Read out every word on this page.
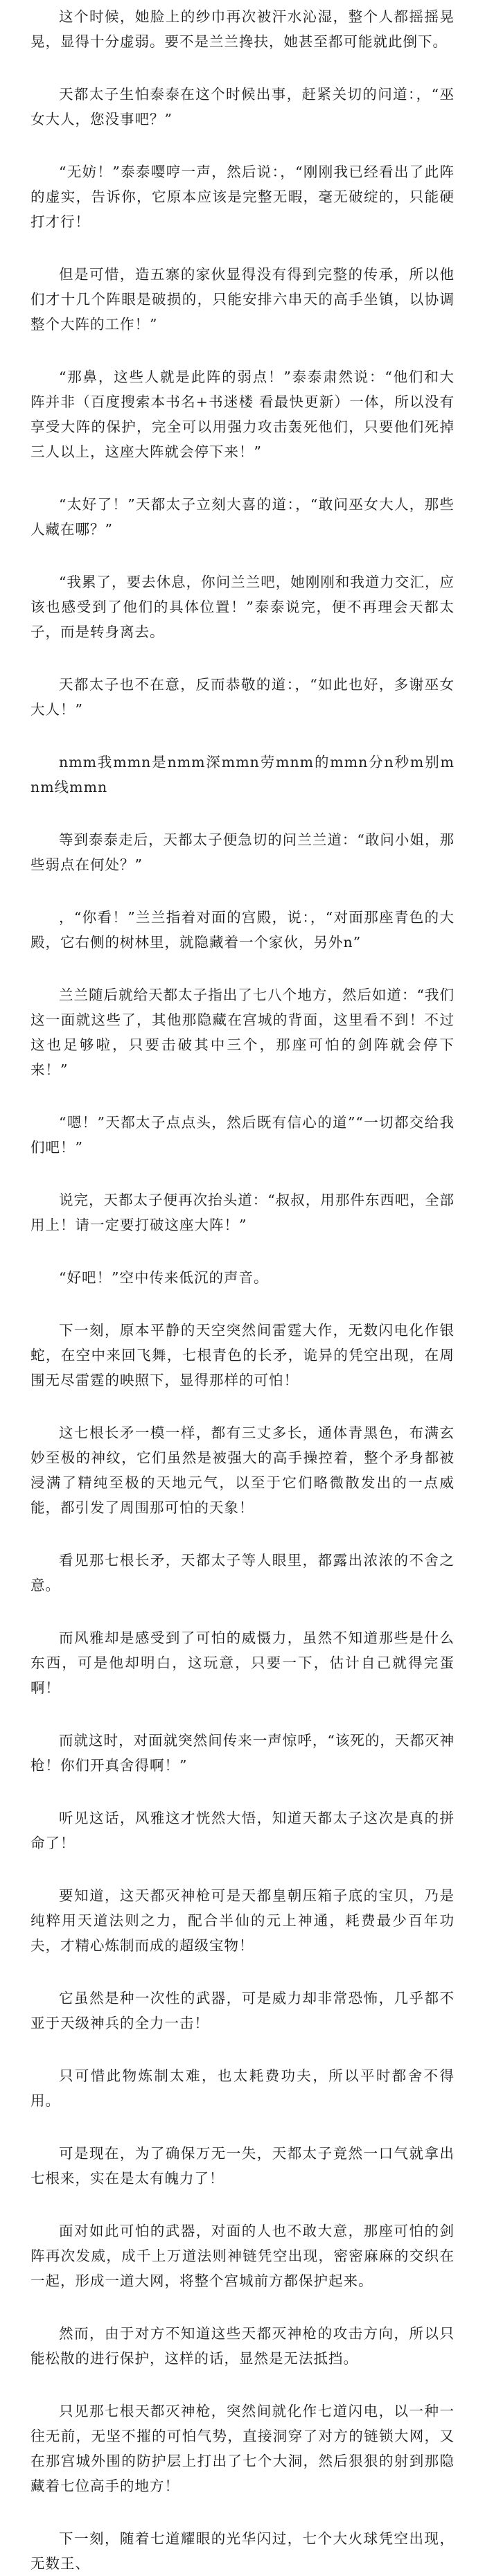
这个时候，她脸上的纱巾再次被汗水沁湿，整个人都摇摇晃晃，显得十分虚弱。要不是兰兰搀扶，她甚至都可能就此倒下。

天都太子生怕泰泰在这个时候出事，赶紧关切的问道：，“巫女大人，您没事吧？”

“无妨！”泰泰嘤哼一声，然后说：，“刚刚我已经看出了此阵的虚实，告诉你，它原本应该是完整无暇，毫无破绽的，只能硬打才行！

但是可惜，造五寨的家伙显得没有得到完整的传承，所以他们才十几个阵眼是破损的，只能安排六串天的高手坐镇，以协调整个大阵的工作！”

“那鼻，这些人就是此阵的弱点！”泰泰肃然说：“他们和大阵并非（百度搜索本书名+书迷楼 看最快更新）一体，所以没有享受大阵的保护，完全可以用强力攻击轰死他们，只要他们死掉三人以上，这座大阵就会停下来！”

“太好了！”天都太子立刻大喜的道：，“敢问巫女大人，那些人藏在哪？”

“我累了，要去休息，你问兰兰吧，她刚刚和我道力交汇，应该也感受到了他们的具体位置！”泰泰说完，便不再理会天都太子，而是转身离去。

天都太子也不在意，反而恭敬的道：，“如此也好，多谢巫女大人！”

nmm我mmn是nmm深mmn劳mnm的mmn分n秒m别mnm线mmn

等到泰泰走后，天都太子便急切的问兰兰道：“敢问小姐，那些弱点在何处？”

，“你看！”兰兰指着对面的宫殿，说：，“对面那座青色的大殿，它右侧的树林里，就隐藏着一个家伙，另外n”

兰兰随后就给天都太子指出了七八个地方，然后如道：“我们这一面就这些了，其他那隐藏在宫城的背面，这里看不到！不过这也足够啦，只要击破其中三个，那座可怕的剑阵就会停下来！”

“嗯！”天都太子点点头，然后既有信心的道”“一切都交给我们吧！”

说完，天都太子便再次抬头道：“叔叔，用那件东西吧，全部用上！请一定要打破这座大阵！”

“好吧！”空中传来低沉的声音。

下一刻，原本平静的天空突然间雷霆大作，无数闪电化作银蛇，在空中来回飞舞，七根青色的长矛，诡异的凭空出现，在周围无尽雷霆的映照下，显得那样的可怕！

这七根长矛一模一样，都有三丈多长，通体青黑色，布满玄妙至极的神纹，它们虽然是被强大的高手操控着，整个矛身都被浸满了精纯至极的天地元气，以至于它们略微散发出的一点威能，都引发了周围那可怕的天象！

看见那七根长矛，天都太子等人眼里，都露出浓浓的不舍之意。

而风雅却是感受到了可怕的威慑力，虽然不知道那些是什么东西，可是他却明白，这玩意，只要一下，估计自己就得完蛋啊！

而就这时，对面就突然间传来一声惊呼，“该死的，天都灭神枪！你们开真舍得啊！”

听见这话，风雅这才恍然大悟，知道天都太子这次是真的拼命了！

要知道，这天都灭神枪可是天都皇朝压箱子底的宝贝，乃是纯粹用天道法则之力，配合半仙的元上神通，耗费最少百年功夫，才精心炼制而成的超级宝物！

它虽然是种一次性的武器，可是威力却非常恐怖，几乎都不亚于天级神兵的全力一击！

只可惜此物炼制太难，也太耗费功夫，所以平时都舍不得用。

可是现在，为了确保万无一失，天都太子竟然一口气就拿出七根来，实在是太有魄力了！

面对如此可怕的武器，对面的人也不敢大意，那座可怕的剑阵再次发威，成千上万道法则神链凭空出现，密密麻麻的交织在一起，形成一道大网，将整个宫城前方都保护起来。

然而，由于对方不知道这些天都灭神枪的攻击方向，所以只能松散的进行保护，这样的话，显然是无法抵挡。

只见那七根天都灭神枪，突然间就化作七道闪电，以一种一往无前，无坚不摧的可怕气势，直接洞穿了对方的链锁大网，又在那宫城外围的防护层上打出了七个大洞，然后狠狠的射到那隐藏着七位高手的地方！

下一刻，随着七道耀眼的光华闪过，七个大火球凭空出现，无数王、
